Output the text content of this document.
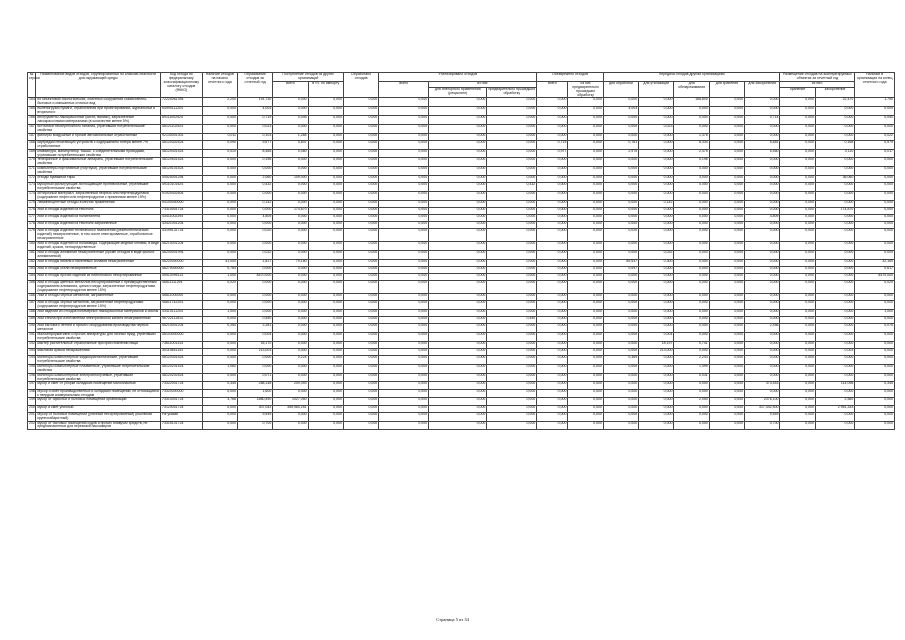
№ строки	Наименование видов отходов, сгруппированных по классам опасности для окружающей среды	Код отхода по федеральному классификационному каталогу отходов (ФККО)	Наличие отходов на начало отчетного года	Образование отходов за отчетный год	Поступление отходов из других организаций		Обработано отходов	Утилизировано отходов			Обезврежено отходов		Передача отходов другим организациям					Размещение отходов на эксплуатируемых объектах за отчетный год		Наличие в организации на конец отчетного года
					всего	в т.ч. по импорту		всего	из них:		всего	из них предварительно прошедших обработку	для обработки	для утилизации	для обезвреживания	для хранения	для захоронения	из них:		
									для повторного применения (рециклинг)	предварительно прошедших обработку								хранение	захоронение	
164	из объектовой биологических, очистных сооружений хозяйственно-бытовых и смешанных сточных вод	72220061394	2,200	191,730	0,000	0,000	0,000	0,000	0,000	0,000	0,000	0,000	0,000	0,000	168,800	0,000	0,000	0,000	22,470	1,750
165	пылепогрузки бумаги, отработанная при проектировании, журнальных и вторичного	54990111204	0,000	4,003	0,000	0,000	0,000	0,000	0,000	0,000	0,000	0,000	4,003	0,000	0,000	0,000	0,000	0,000	0,000	0,000
166	инструменты лакокрасочные (кисти, валики), загрязненные лакокрасочными материалами (в количестве менее 5%)	89111002524	0,000	0,719	0,045	0,000	0,000	0,000	0,000	0,000	0,000	0,000	0,000	0,000	0,000	0,000	0,714	0,000	0,000	0,050
167	источники бесперебойного питания, утратившие потребительские свойства	48121102524	0,000	0,023	0,000	0,000	0,000	0,000	0,000	0,000	0,000	0,000	0,000	0,023	0,000	0,000	0,000	0,000	0,000	0,000
167	фильтры воздушные и прочие автомобильные отработанные	92130001301	0,011	0,103	1,284	0,000	0,000	0,000	0,000	0,000	0,000	0,000	0,000	0,000	1,376	0,000	0,000	0,000	0,000	0,022
168	картриджи печатающих устройств с содержанием тонера менее 7% отработанные	48120302524	0,090	9,677	0,647	0,000	0,000	0,000	0,000	0,000	0,715	0,000	0,761	0,000	8,334	0,000	5,481	0,000	0,168	0,979
169	клавиатура, манипулятор "мышь" с соединительными проводами, утратившие потребительские свойства	48120401524	0,010	8,465	0,060	0,000	0,000	0,000	0,000	0,000	0,977	0,000	2,975	0,000	2,475	0,000	5,460	0,000	0,110	0,017
170	телефонные и факсимильные аппараты, утратившие потребительские свойства	48120501524	0,000	0,196	0,000	0,000	0,000	0,000	0,000	0,000	0,000	0,000	0,000	0,000	0,196	0,000	0,000	0,000	0,000	0,000
171	компьютеры портативные (ноутбуки), утратившие потребительские свойства	48120101524	0,000	0,000	0,000	0,000	0,000	0,000	0,000	0,000	0,000	0,000	0,000	0,000	0,000	0,000	0,000	0,000	0,000	0,000
172	отходы бумажной тары	40520001294	0,000	2,060	109,000	0,000	0,000	0,000	0,000	0,000	0,000	0,000	0,000	0,000	3,000	0,000	0,000	0,000	36,060	0,000
173	мусорный фильтрующие-поглощающие противогазные, утратившие потребительские свойства	49110101524	0,000	0,432	0,000	0,000	0,000	0,000	0,000	0,432	0,000	0,000	0,000	0,000	0,000	0,000	0,000	0,000	0,000	0,000
174	обтирочный материал, загрязненный нефтью или нефтепродуктами (содержание нефти или нефтепродуктов с примесями менее 15%)	91920402604	0,000	0,000	0,000	0,000	0,000	0,000	0,000	0,000	0,000	0,000	0,000	0,000	0,000	0,000	0,000	0,000	0,000	0,000
175	Люминесцентные отходы в местах применения	94100000000	0,000	0,142	0,000	0,000	0,000	0,000	0,000	0,000	0,000	0,000	0,000	0,142	0,000	0,000	0,000	0,000	0,000	0,000
176	лом и отходы изделий из текстиля	73310001724	0,000	0,000	174,870	0,000	0,000	0,000	0,000	0,000	0,000	0,000	0,000	0,000	0,000	0,000	0,000	0,000	174,870	0,000
177	лом и отходы изделий из полиэтилена	43411002294	0,000	4,809	0,000	0,000	0,000	0,000	0,000	0,000	0,000	0,000	0,000	0,000	0,000	0,000	4,809	0,000	0,000	0,000
178	лом и отходы изделий из текстиля загрязненные	43421001204	0,000	0,000	0,000	0,000	0,000	0,000	0,000	0,000	0,000	0,000	0,000	0,000	0,000	0,000	0,000	0,000	0,000	0,000
179	лом и отходы изделий технического назначения (резинотехнических изделий) незагрязненные, в том числе гевитированные, отработанные незагрязненные	43199131724	0,000	0,020	0,000	0,000	0,000	0,000	0,000	0,000	0,000	0,000	0,020	0,000	0,000	0,000	0,000	0,000	0,000	0,000
180	лом и отходы изделий из полиамида, содержащие медные сплавы, в виде изделий, кусков, непосредственные	46210001204	0,000	0,000	0,000	0,000	0,000	0,000	0,000	0,000	0,000	0,000	0,000	0,000	0,000	0,000	0,000	0,000	0,000	0,000
181	лом и отходы алюминия незагрязненные (кроме отходов в виде фольги алюминиевой)	46200001994	0,000	0,032	0,000	0,000	0,000	0,000	0,000	0,000	0,000	0,000	0,000	0,032	0,000	0,000	0,000	0,000	0,000	0,000
182	лом и отходы никеля и никелевых сплавов незагрязненные	46220000000	41,000	1,817	79,180	0,000	0,000	0,000	0,000	0,000	0,000	0,000	89,537	0,300	0,000	0,000	0,000	0,000	0,000	32,160
183	лом и отходы стали незагрязненные	46270000000	0,784	0,000	0,000	0,000	0,000	0,000	0,000	0,000	0,000	0,000	0,097	0,000	0,000	0,000	0,000	0,000	0,000	0,617
184	лом и отходы прочих изделий из нейлонового несортированные	45510095114	1,000	8470,000	0,000	0,000	0,000	0,000	0,000	0,000	0,000	0,000	0,000	0,000	0,000	0,000	0,000	0,000	0,000	8470,000
185	лом и отходы цветных металлов несортированные с преимущественным содержанием алюминия, цинка и меди, загрязненные нефтепродуктами (содержание нефтепродуктов менее 15%)	46811111294	0,020	0,000	0,000	0,000	0,000	0,000	0,000	0,000	0,000	0,000	0,000	0,000	0,000	0,000	0,000	0,000	0,000	0,020
186	Лом и отходы черных металлов, загрязненные	46811000000	0,000	0,000	0,000	0,000	0,000	0,000	0,000	0,000	0,000	0,000	0,000	0,000	0,000	0,000	0,000	0,000	0,000	0,000
187	лом и отходы черных металлов, загрязненные нефтепродуктами (содержание нефтепродуктов менее 15%)	46811742204	0,000	0,000	0,000	0,000	0,000	0,000	0,000	0,000	0,000	0,000	0,000	0,000	0,000	0,000	0,000	0,000	0,000	0,000
188	лом изделий из отходов полимерных лакокрасочных материалов и смолы	43410111204	1,000	0,000	0,000	0,000	0,000	0,000	0,000	0,000	0,000	0,000	0,000	0,000	0,000	0,000	0,000	0,000	0,000	1,000
189	лом стекла при изготовлении электрического кабеля незагрязненный	96722111514	0,000	0,450	0,000	0,000	0,000	0,000	0,000	0,450	0,000	0,000	0,000	0,000	0,000	0,000	0,000	0,000	0,000	0,000
190	лом бытового летней и прочего оборудования производства черных металлов	55210001204	0,250	2,281	0,000	0,000	0,000	0,000	0,000	0,000	0,000	0,000	0,000	0,000	0,000	0,000	2,456	0,000	0,000	0,075
191	Малоинформативно и прочих аппаратуры для личных нужд, утративших потребительские свойства	48143000000	0,000	0,004	0,000	0,000	0,000	0,000	0,000	0,000	0,000	0,000	0,000	0,004	0,000	0,000	0,000	0,000	0,000	0,000
192	мастер растительные отработанные при приготовлении пищи	73611001314	0,000	18,170	0,000	0,000	0,000	0,000	0,000	0,000	0,000	0,000	0,000	18,197	0,741	0,000	0,000	0,000	0,000	0,000
193	масляная краска неокрашенная	30119481144	0,000	213,003	0,000	0,000	0,000	0,000	0,000	0,000	0,000	0,000	0,000	213,000	0,000	0,000	0,000	0,000	0,003	0,000
194	мониторы компьютерные жидкокристаллические, утратившие потребительские свойства	48120301524	0,000	0,000	0,224	0,000	0,000	0,000	0,000	0,000	0,000	0,000	0,369	0,000	2,243	0,000	0,000	0,000	0,000	0,000
195	мониторы компьютерные плазменные, утратившие потребительские свойства	48120201524	1,080	0,000	0,000	0,000	0,000	0,000	0,000	0,000	0,000	0,000	0,000	0,000	1,499	0,000	0,000	0,000	0,000	0,000
196	мониторы компьютерные электроннолучевые, утратившие потребительские свойства	48120202524	0,000	0,071	0,000	0,000	0,000	0,000	0,000	0,000	0,000	0,000	0,000	0,000	0,031	0,000	0,000	0,000	0,000	0,000
197	мусор и смет от уборки складских помещений малоопасный	73322001724	0,345	288,148	209,393	0,000	0,000	0,000	0,000	0,000	0,000	0,000	0,000	0,000	0,000	0,000	374,443	0,000	114,098	0,345
198	Мусор и смет производственных и складских помещений, не относящийся к твердым коммунальным отходам	73320000000	0,000	1,600	0,000	0,000	0,000	0,000	0,000	0,000	0,000	0,000	0,000	0,000	0,000	0,000	0,000	0,000	0,000	0,000
199	мусор от офисных и бытовых помещений организаций	73310001724	3,766	1880,490	1027,050	0,000	0,000	0,000	0,000	0,000	0,000	0,000	0,000	0,000	2,050	0,000	2376,100	0,000	2,560	0,000
200	мусор и смет уличный	73120001724	0,000	307,042	355,960,251	0,000	0,000	0,000	0,000	0,000	0,000	0,000	0,000	0,000	0,000	0,000	317,342,500	0,000	2 951,333	0,000
201	Мусор от бытовых помещений (уличный несортированный) (исключая крупногабаритный)	Не указан	0,000	9,549	0,000	0,000	0,000	0,000	0,000	0,000	0,000	0,000	0,000	0,000	0,000	0,000	9,549	0,000	0,000	0,000
202	мусор от бытовых помещений судов и прочих плавучих средств, не предназначенных для перевозки пассажиров	73315101724	0,000	0,700	0,000	0,000	0,000	0,000	0,000	0,000	0,000	0,000	0,000	0,000	0,000	0,000	0,700	0,000	0,000	0,000
Страница 5 из 34
